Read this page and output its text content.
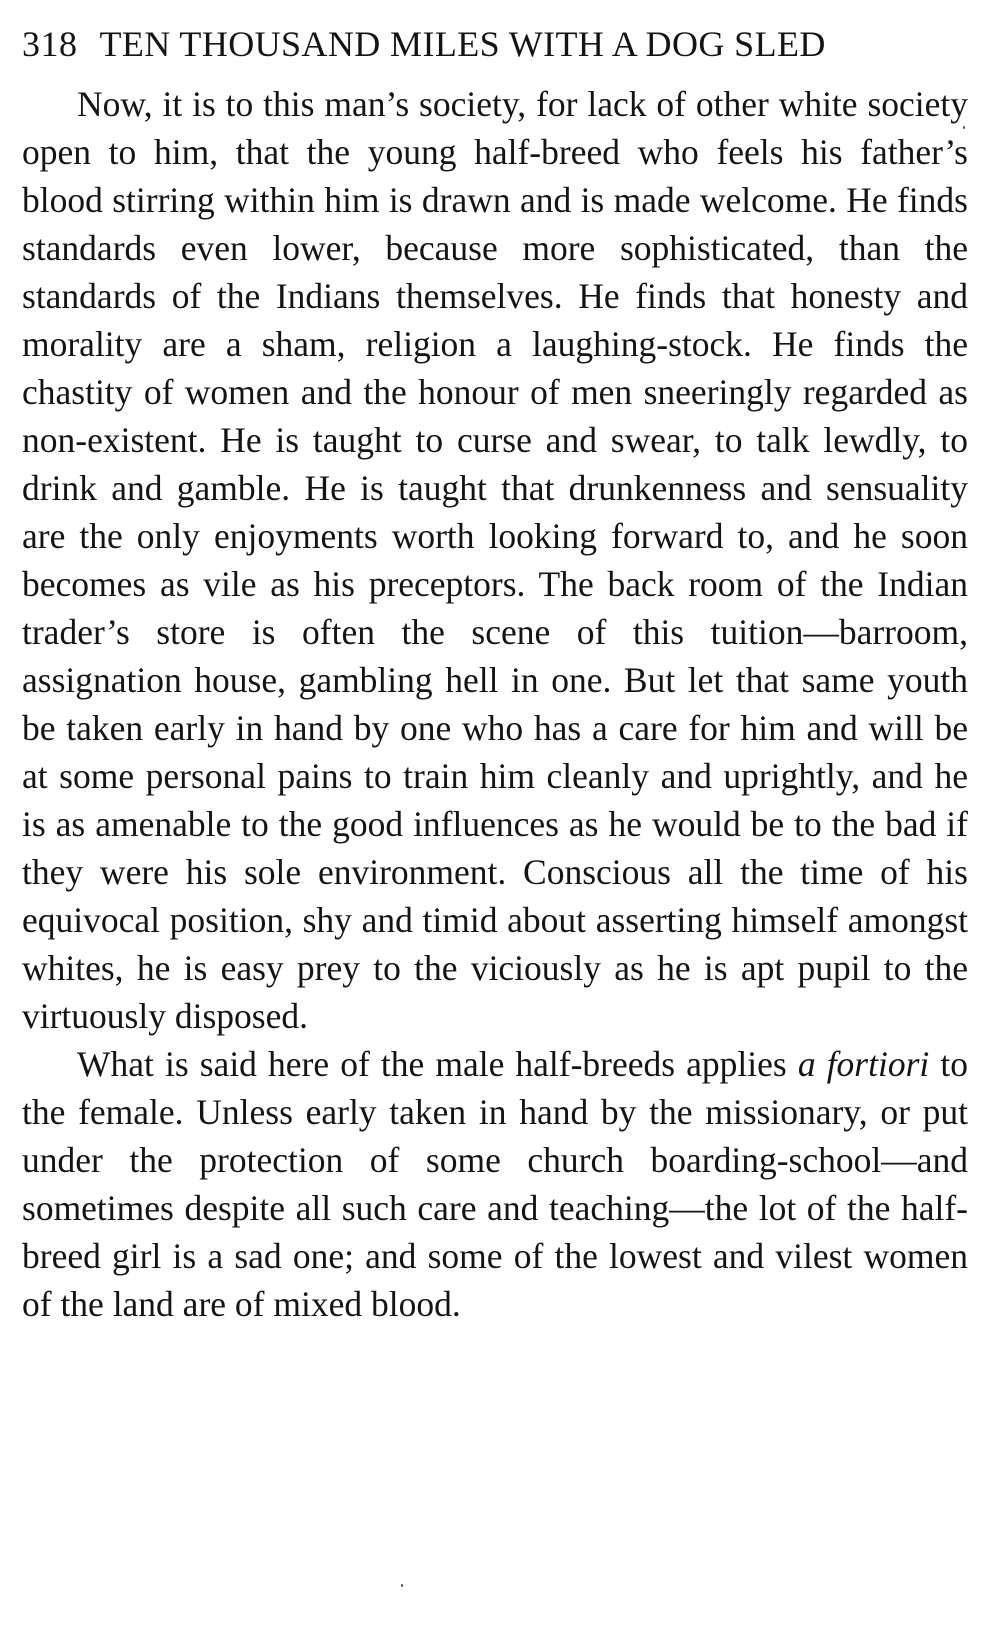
318 TEN THOUSAND MILES WITH A DOG SLED

Now, it is to this man’s society, for lack of other white society open to him, that the young half-breed who feels his father’s blood stirring within him is drawn and is made welcome. He finds standards even lower, because more sophisticated, than the standards of the Indians themselves. He finds that honesty and morality are a sham, religion a laughing-stock. He finds the chastity of women and the honour of men sneeringly regarded as non-existent. He is taught to curse and swear, to talk lewdly, to drink and gamble. He is taught that drunkenness and sensuality are the only enjoyments worth looking forward to, and he soon becomes as vile as his preceptors. The back room of the Indian trader’s store is often the scene of this tuition—barroom, assignation house, gambling hell in one. But let that same youth be taken early in hand by one who has a care for him and will be at some personal pains to train him cleanly and uprightly, and he is as amenable to the good influences as he would be to the bad if they were his sole environment. Conscious all the time of his equivocal position, shy and timid about asserting himself amongst whites, he is easy prey to the viciously as he is apt pupil to the virtuously disposed.

What is said here of the male half-breeds applies a fortiori to the female. Unless early taken in hand by the missionary, or put under the protection of some church boarding-school—and sometimes despite all such care and teaching—the lot of the half-breed girl is a sad one; and some of the lowest and vilest women of the land are of mixed blood.
